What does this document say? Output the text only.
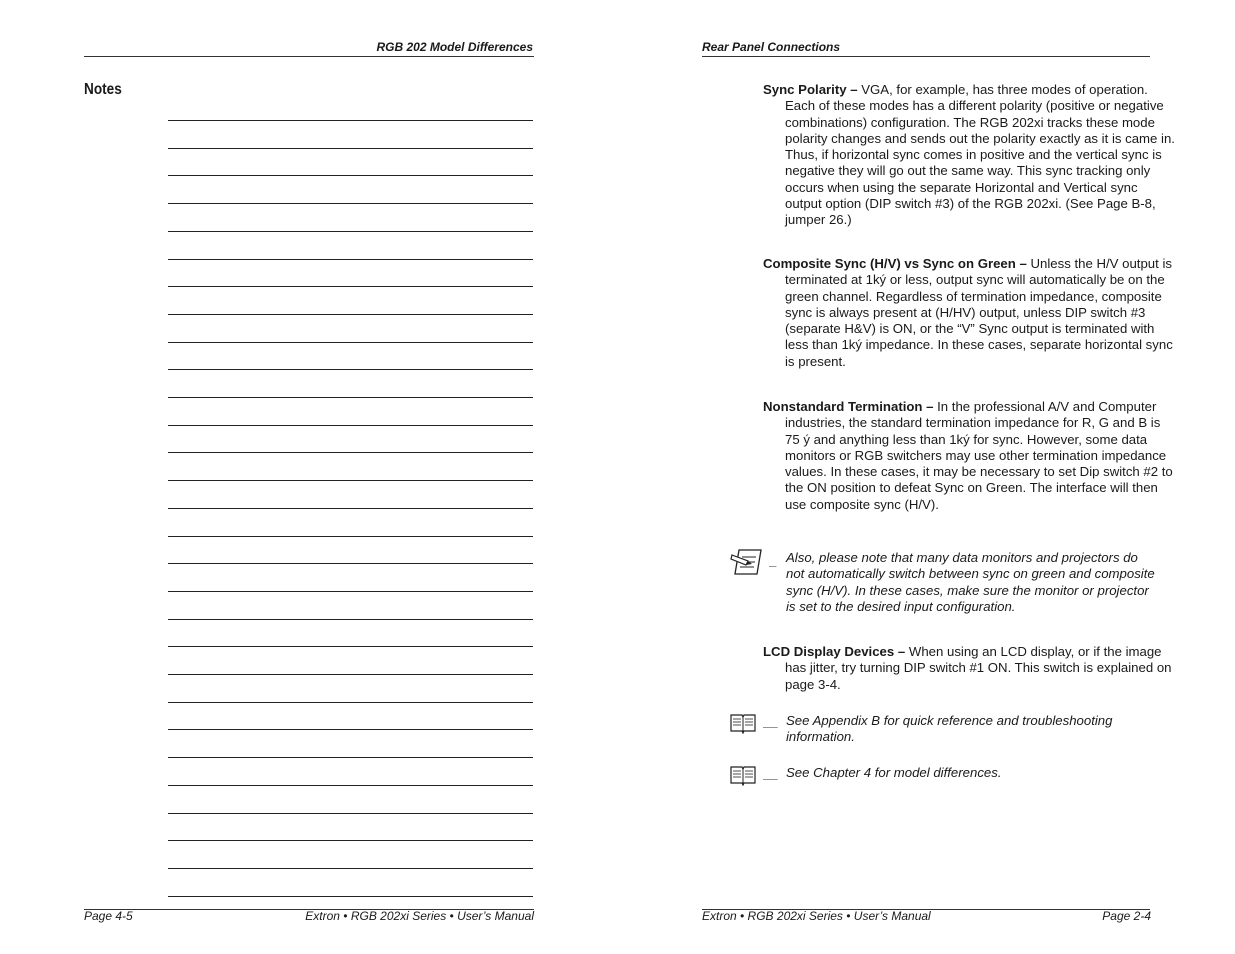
RGB 202 Model Differences
Notes
Page 4-5	Extron • RGB 202xi Series • User’s Manual
Rear Panel Connections

Sync Polarity – VGA, for example, has three modes of operation. Each of these modes has a different polarity (positive or negative combinations) configuration. The RGB 202xi tracks these mode polarity changes and sends out the polarity exactly as it is came in. Thus, if horizontal sync comes in positive and the vertical sync is negative they will go out the same way. This sync tracking only occurs when using the separate Horizontal and Vertical sync output option (DIP switch #3) of the RGB 202xi. (See Page B-8, jumper 26.)

Composite Sync (H/V) vs Sync on Green – Unless the H/V output is terminated at 1ký or less, output sync will automatically be on the green channel. Regardless of termination impedance, composite sync is always present at (H/HV) output, unless DIP switch #3 (separate H&V) is ON, or the “V” Sync output is terminated with less than 1ký impedance. In these cases, separate horizontal sync is present.

Nonstandard Termination – In the professional A/V and Computer industries, the standard termination impedance for R, G and B is 75 ý and anything less than 1ký for sync. However, some data monitors or RGB switchers may use other termination impedance values. In these cases, it may be necessary to set Dip switch #2 to the ON position to defeat Sync on Green. The interface will then use composite sync (H/V).

_ Also, please note that many data monitors and projectors do not automatically switch between sync on green and composite sync (H/V). In these cases, make sure the monitor or projector is set to the desired input configuration.

LCD Display Devices – When using an LCD display, or if the image has jitter, try turning DIP switch #1 ON. This switch is explained on page 3-4.

__ See Appendix B for quick reference and troubleshooting information.

__ See Chapter 4 for model differences.

Extron • RGB 202xi Series • User’s Manual	Page 2-4
